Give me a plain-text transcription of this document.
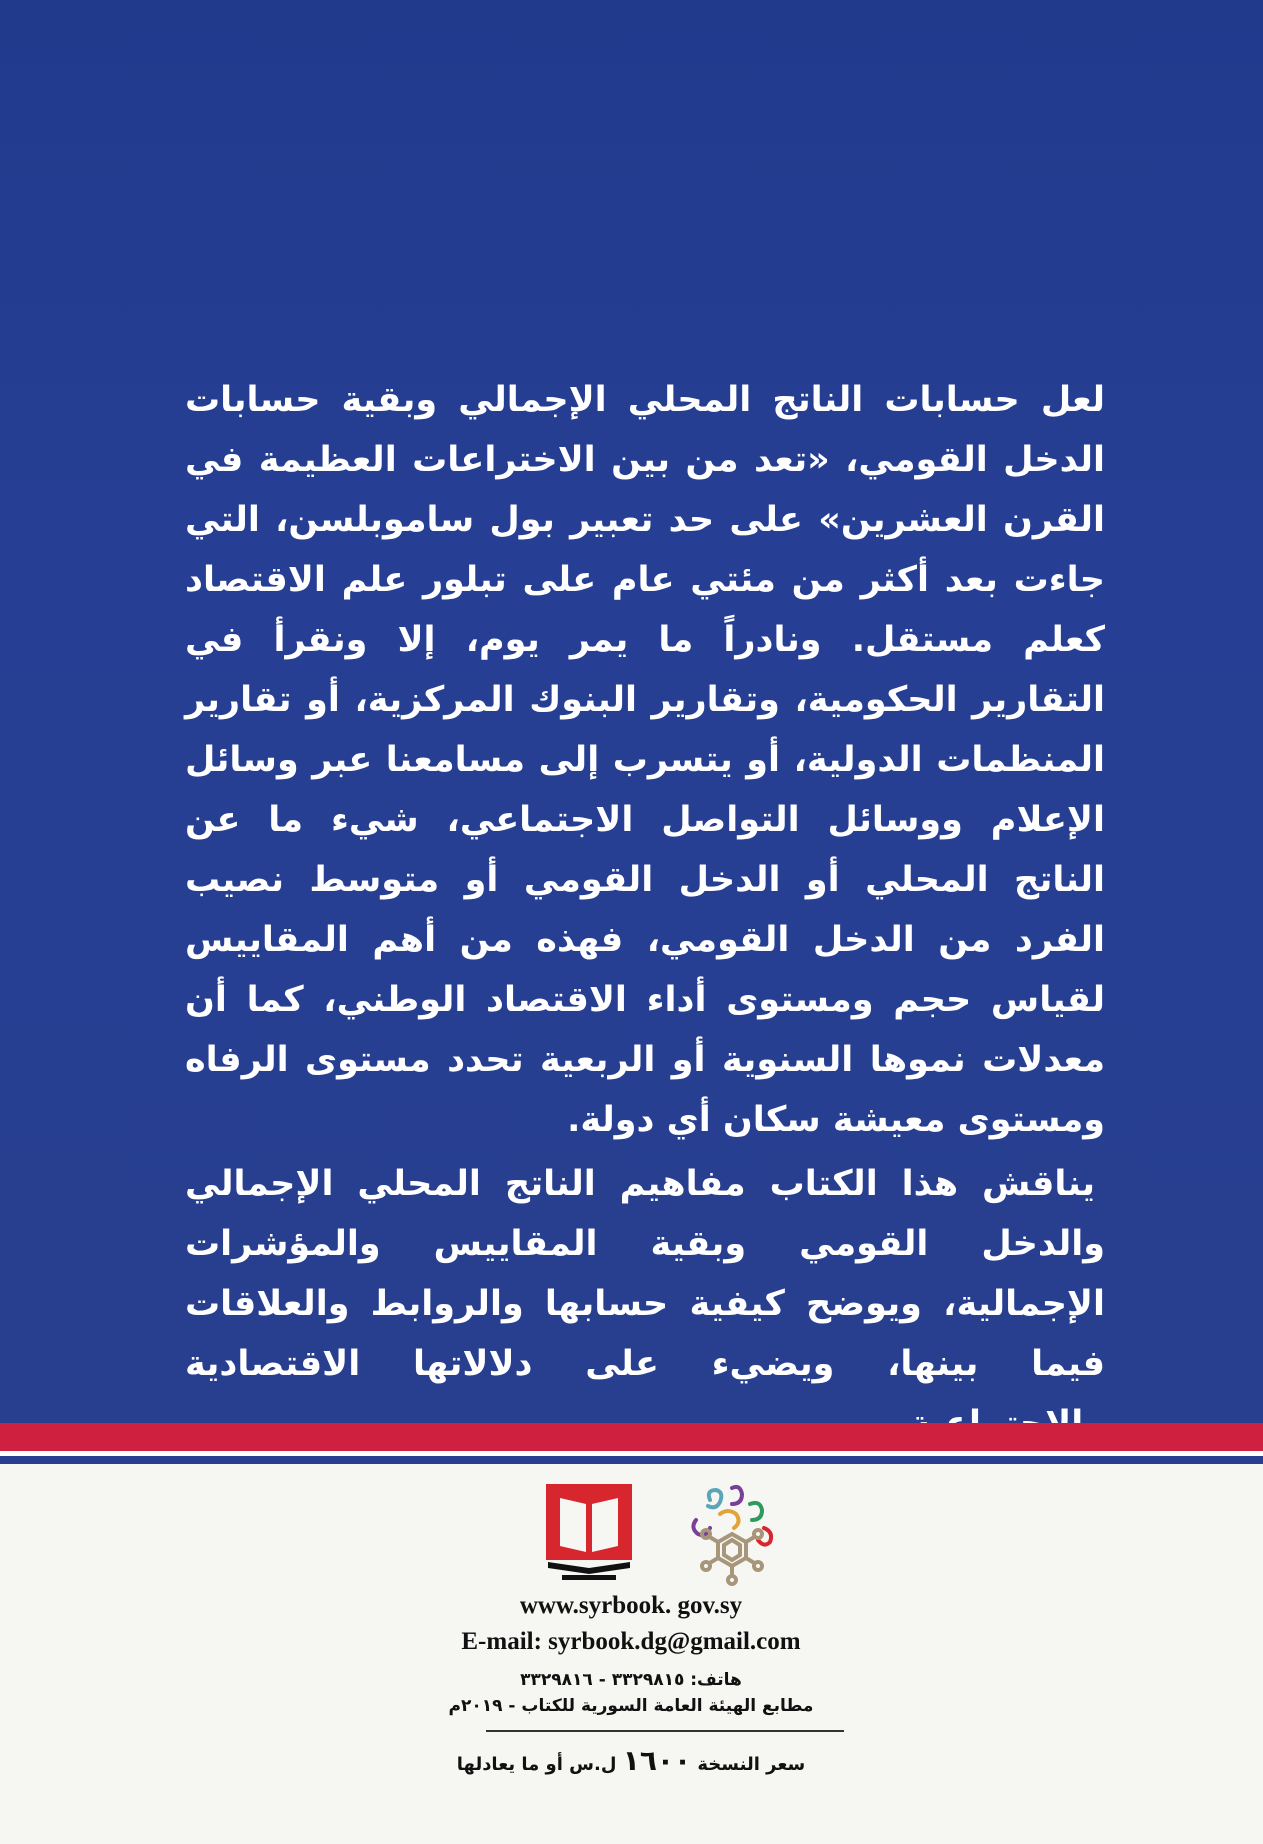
لعل حسابات الناتج المحلي الإجمالي وبقية حسابات الدخل القومي، «تعد من بين الاختراعات العظيمة في القرن العشرين» على حد تعبير بول ساموبلسن، التي جاءت بعد أكثر من مئتي عام على تبلور علم الاقتصاد كعلم مستقل. ونادراً ما يمر يوم، إلا ونقرأ في التقارير الحكومية، وتقارير البنوك المركزية، أو تقارير المنظمات الدولية، أو يتسرب إلى مسامعنا عبر وسائل الإعلام ووسائل التواصل الاجتماعي، شيء ما عن الناتج المحلي أو الدخل القومي أو متوسط نصيب الفرد من الدخل القومي، فهذه من أهم المقاييس لقياس حجم ومستوى أداء الاقتصاد الوطني، كما أن معدلات نموها السنوية أو الربعية تحدد مستوى الرفاه ومستوى معيشة سكان أي دولة.

يناقش هذا الكتاب مفاهيم الناتج المحلي الإجمالي والدخل القومي وبقية المقاييس والمؤشرات الإجمالية، ويوضح كيفية حسابها والروابط والعلاقات فيما بينها، ويضيء على دلالاتها الاقتصادية

www.syrbook. gov.sy
E-mail: syrbook.dg@gmail.com
هاتف: ٣٣٢٩٨١٥ - ٣٣٢٩٨١٦
مطابع الهيئة العامة السورية للكتاب - ٢٠١٩م
سعر النسخة ١٦٠٠ ل.س أو ما يعادلها
